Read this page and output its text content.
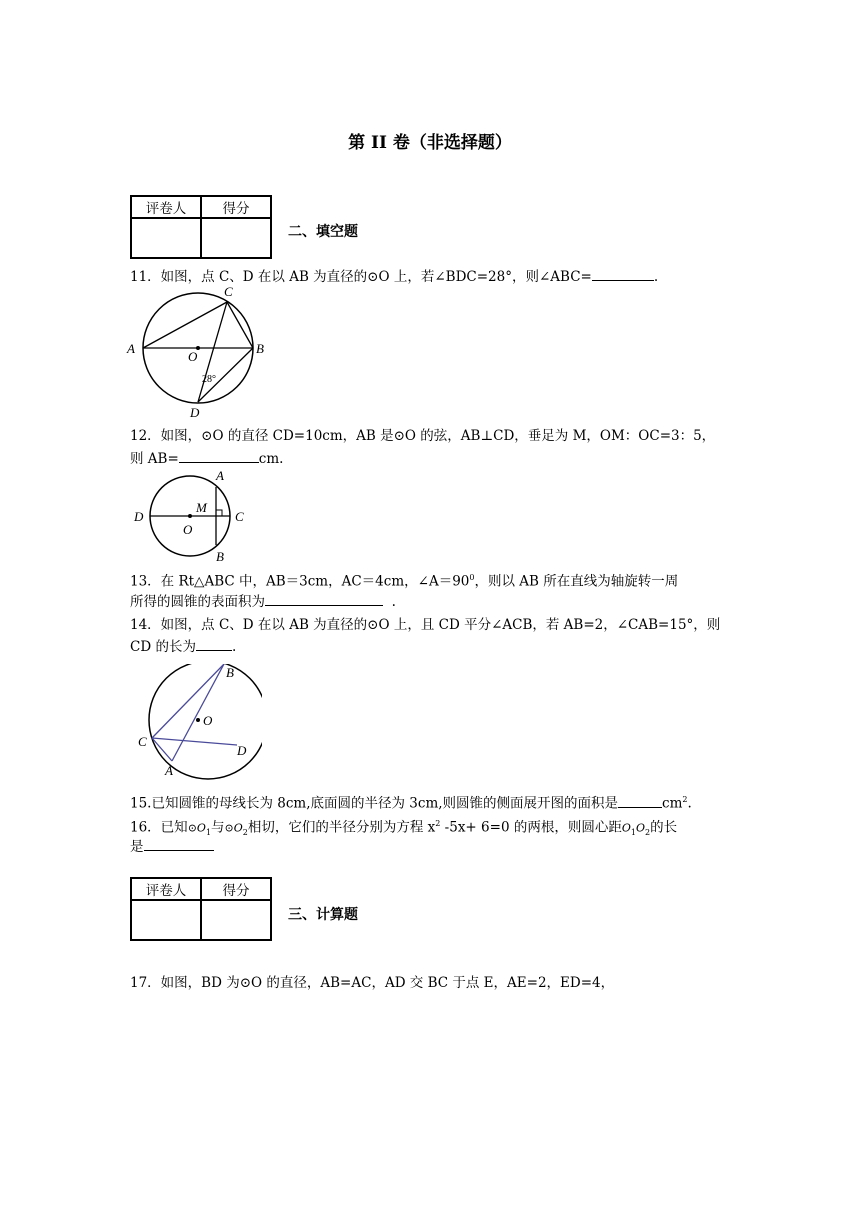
第 II 卷（非选择题）
评卷人	得分

二、填空题
11．如图，点 C、D 在以 AB 为直径的⊙O 上，若∠BDC=28°，则∠ABC=	.
A	B
C
D
O
28°
12．如图，⊙O 的直径 CD=10cm，AB 是⊙O 的弦，AB⊥CD，垂足为 M，OM：OC=3：5，
则 AB=	cm.
D	C
A
B
M
O
13．在 Rt△ABC 中，AB＝3cm，AC＝4cm，$\angle A=90^0$，则以 AB 所在直线为轴旋转一周
所得的圆锥的表面积为	.
14．如图，点 C、D 在以 AB 为直径的⊙O 上，且 CD 平分∠ACB，若 AB=2，∠CAB=15°，则
CD 的长为	.
B
O
C
D
A
15.已知圆锥的母线长为 8cm,底面圆的半径为 3cm,则圆锥的侧面展开图的面积是	$cm^2$.
16．已知$⊙O_1$与$⊙O_2$相切，它们的半径分别为方程 $x^2$ -5x+ 6=0 的两根，则圆心距$O_1O_2$的长
是
评卷人	得分

三、计算题
17．如图，BD 为⊙O 的直径，AB=AC，AD 交 BC 于点 E，AE=2，ED=4，
